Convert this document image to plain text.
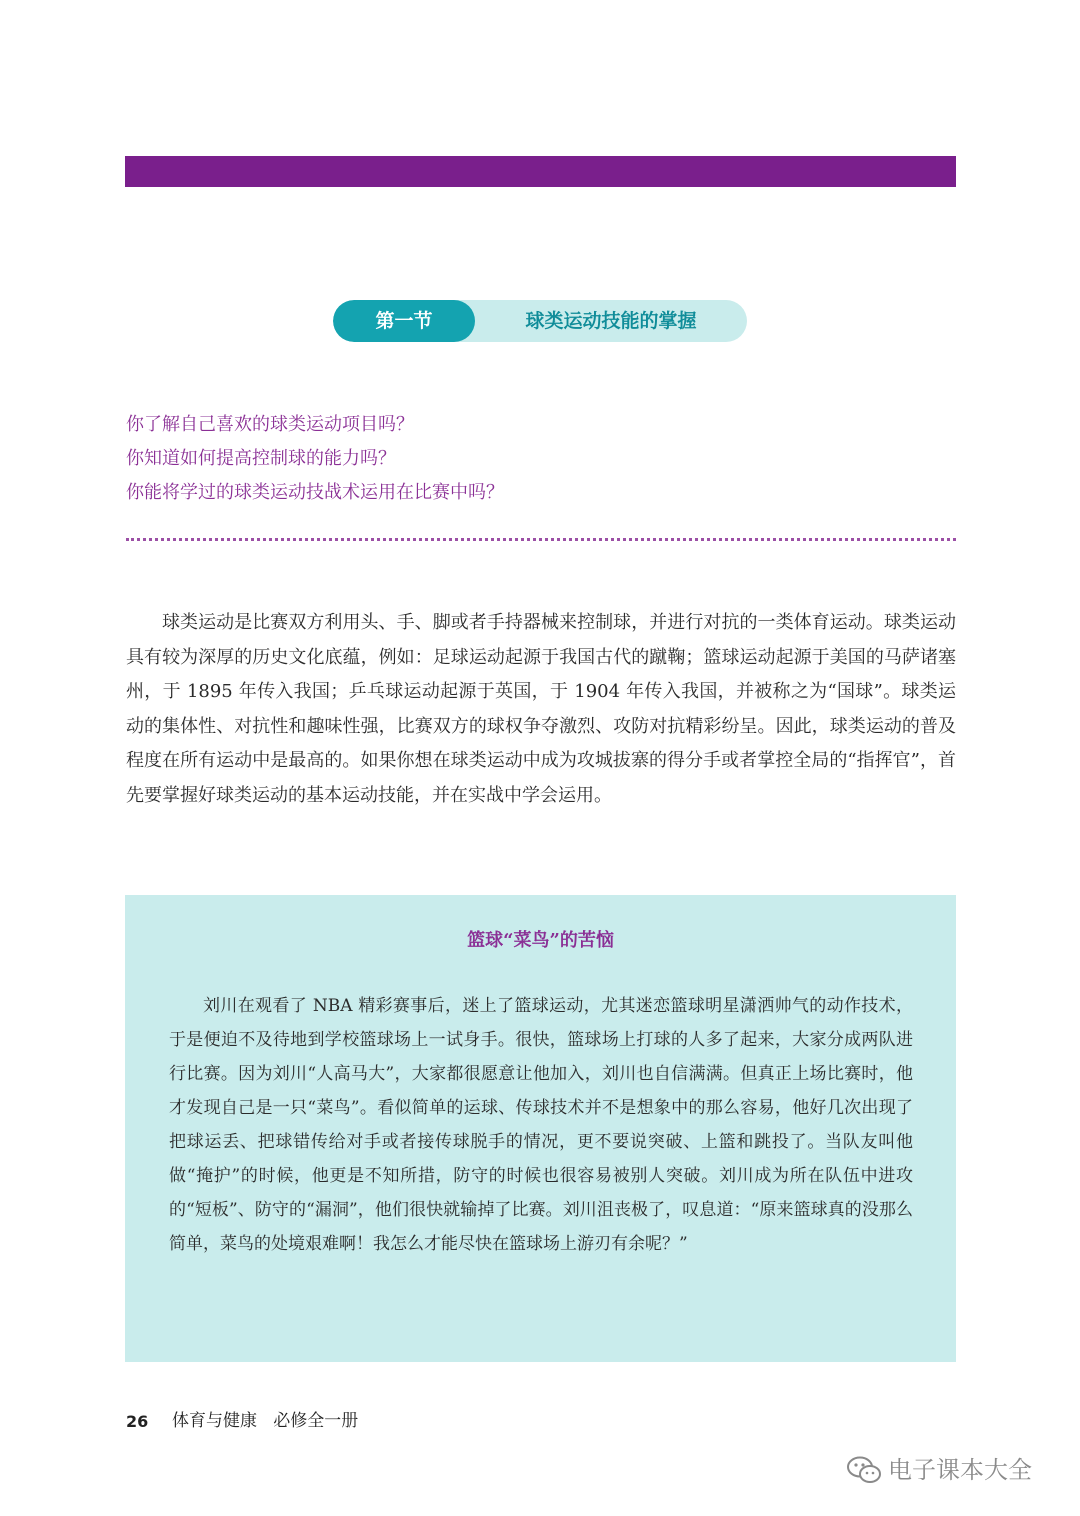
第一节	球类运动技能的掌握
你了解自己喜欢的球类运动项目吗？
你知道如何提高控制球的能力吗？
你能将学过的球类运动技战术运用在比赛中吗？
球类运动是比赛双方利用头、手、脚或者手持器械来控制球，并进行对抗的一类体育运动。球类运动具有较为深厚的历史文化底蕴，例如：足球运动起源于我国古代的蹴鞠；篮球运动起源于美国的马萨诸塞州，于 1895 年传入我国；乒乓球运动起源于英国，于 1904 年传入我国，并被称之为“国球”。球类运动的集体性、对抗性和趣味性强，比赛双方的球权争夺激烈、攻防对抗精彩纷呈。因此，球类运动的普及程度在所有运动中是最高的。如果你想在球类运动中成为攻城拔寨的得分手或者掌控全局的“指挥官”，首先要掌握好球类运动的基本运动技能，并在实战中学会运用。
篮球“菜鸟”的苦恼
刘川在观看了 NBA 精彩赛事后，迷上了篮球运动，尤其迷恋篮球明星潇洒帅气的动作技术，于是便迫不及待地到学校篮球场上一试身手。很快，篮球场上打球的人多了起来，大家分成两队进行比赛。因为刘川“人高马大”，大家都很愿意让他加入，刘川也自信满满。但真正上场比赛时，他才发现自己是一只“菜鸟”。看似简单的运球、传球技术并不是想象中的那么容易，他好几次出现了把球运丢、把球错传给对手或者接传球脱手的情况，更不要说突破、上篮和跳投了。当队友叫他做“掩护”的时候，他更是不知所措，防守的时候也很容易被别人突破。刘川成为所在队伍中进攻的“短板”、防守的“漏洞”，他们很快就输掉了比赛。刘川沮丧极了，叹息道：“原来篮球真的没那么简单，菜鸟的处境艰难啊！我怎么才能尽快在篮球场上游刃有余呢？”
26 体育与健康   必修全一册
电子课本大全
